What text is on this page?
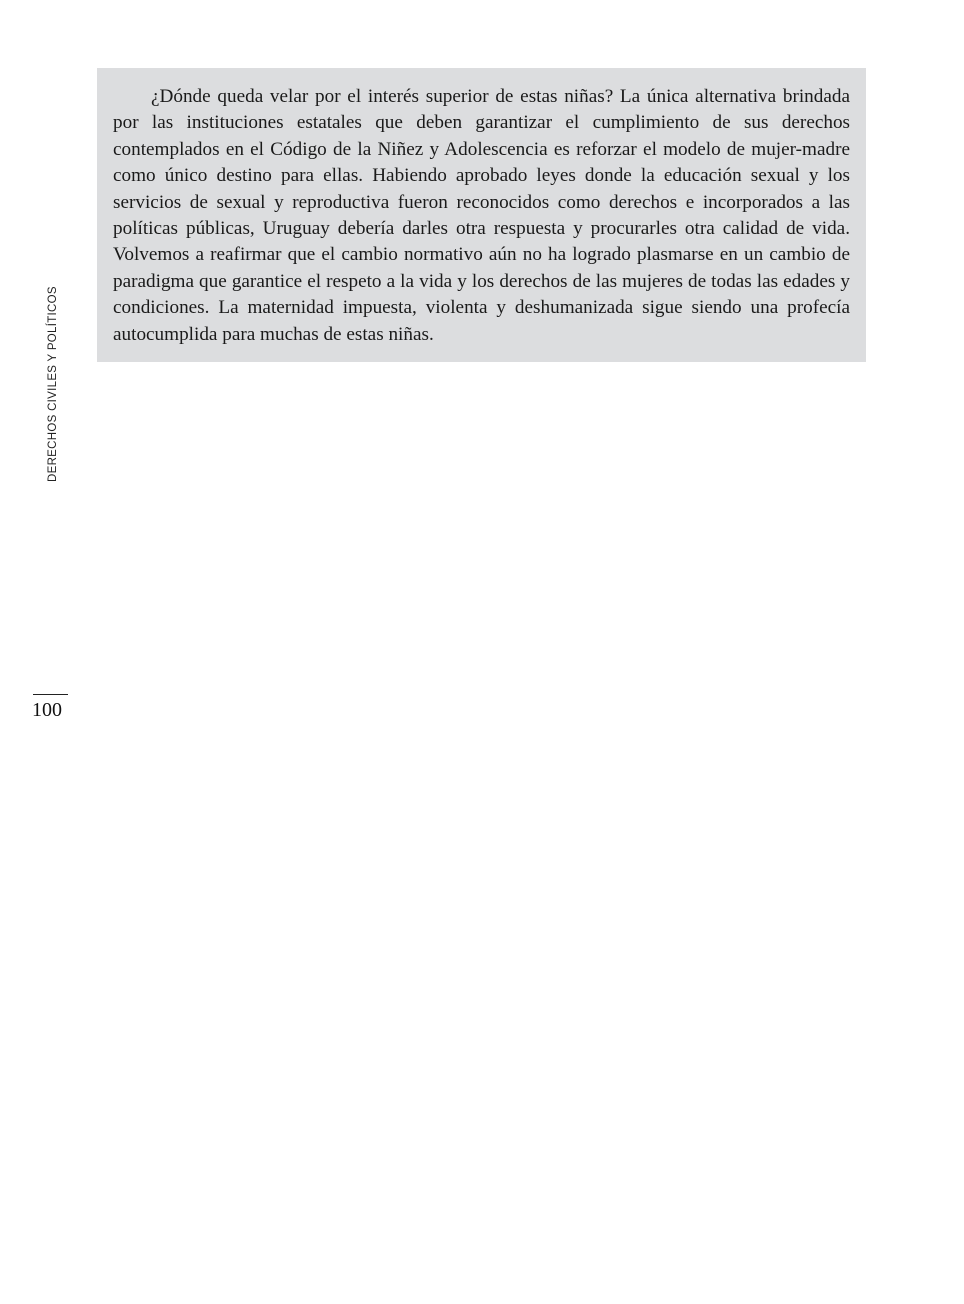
DERECHOS CIVILES Y POLÍTICOS
100

¿Dónde queda velar por el interés superior de estas niñas? La única alternativa brindada por las instituciones estatales que deben garantizar el cumplimiento de sus derechos contemplados en el Código de la Niñez y Adolescencia es reforzar el modelo de mujer-madre como único destino para ellas. Habiendo aprobado leyes donde la educación sexual y los servicios de sexual y reproductiva fueron reconocidos como derechos e incorporados a las políticas públicas, Uruguay debería darles otra respuesta y procurarles otra calidad de vida. Volvemos a reafirmar que el cambio normativo aún no ha logrado plasmarse en un cambio de paradigma que garantice el respeto a la vida y los derechos de las mujeres de todas las edades y condiciones. La maternidad impuesta, violenta y deshumanizada sigue siendo una profecía autocumplida para muchas de estas niñas.
